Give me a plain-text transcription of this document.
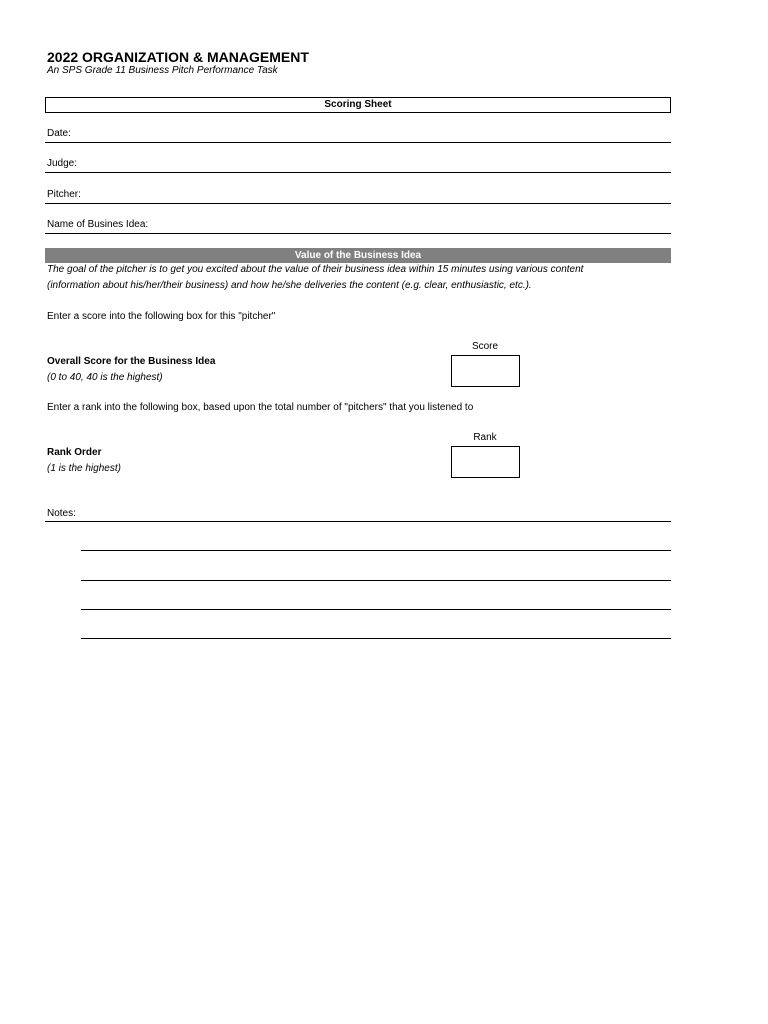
2022 ORGANIZATION & MANAGEMENT
An SPS Grade 11 Business Pitch Performance Task
Scoring Sheet
Date:
Judge:
Pitcher:
Name of Busines Idea:
Value of the Business Idea
The goal of the pitcher is to get you excited about the value of their business idea within 15 minutes using various content
(information about his/her/their business) and how he/she deliveries the content (e.g. clear, enthusiastic, etc.).
Enter a score into the following box for this "pitcher"
Score
Overall Score for the Business Idea
(0 to 40, 40 is the highest)
Enter a rank into the following box, based upon the total number of "pitchers" that you listened to
Rank
Rank Order
(1 is the highest)
Notes:
